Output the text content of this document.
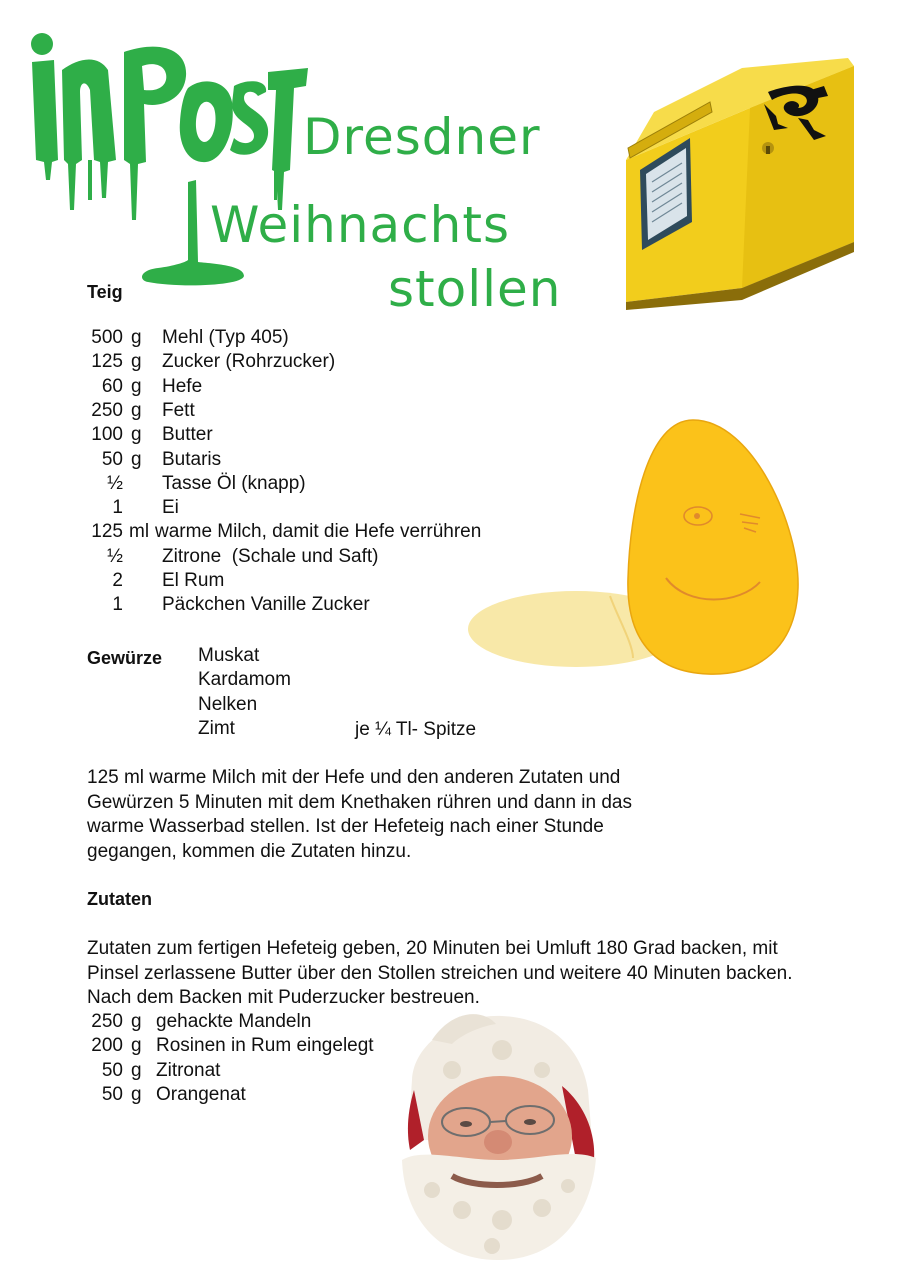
Dresdner
Weihnachts
stollen
Teig
500 g	Mehl (Typ 405)
125 g	Zucker (Rohrzucker)
60 g	Hefe
250 g	Fett
100 g	Butter
50 g	Butaris
½ Tasse Öl (knapp)
1 Ei
125 ml warme Milch, damit die Hefe verrühren
½ Zitrone  (Schale und Saft)
2 El Rum
1 Päckchen Vanille Zucker
Gewürze Muskat
Kardamom
Nelken
Zimt	je ¼ Tl- Spitze
125 ml warme Milch mit der Hefe und den anderen Zutaten und Gewürzen 5 Minuten mit dem Knethaken rühren und dann in das warme Wasserbad stellen. Ist der Hefeteig nach einer Stunde gegangen, kommen die Zutaten hinzu.
Zutaten
Zutaten zum fertigen Hefeteig geben, 20 Minuten bei Umluft 180 Grad backen, mit Pinsel zerlassene Butter über den Stollen streichen und weitere 40 Minuten backen. Nach dem Backen mit Puderzucker bestreuen.
250 g gehackte Mandeln
200 g Rosinen in Rum eingelegt
50 g Zitronat
50 g Orangenat
